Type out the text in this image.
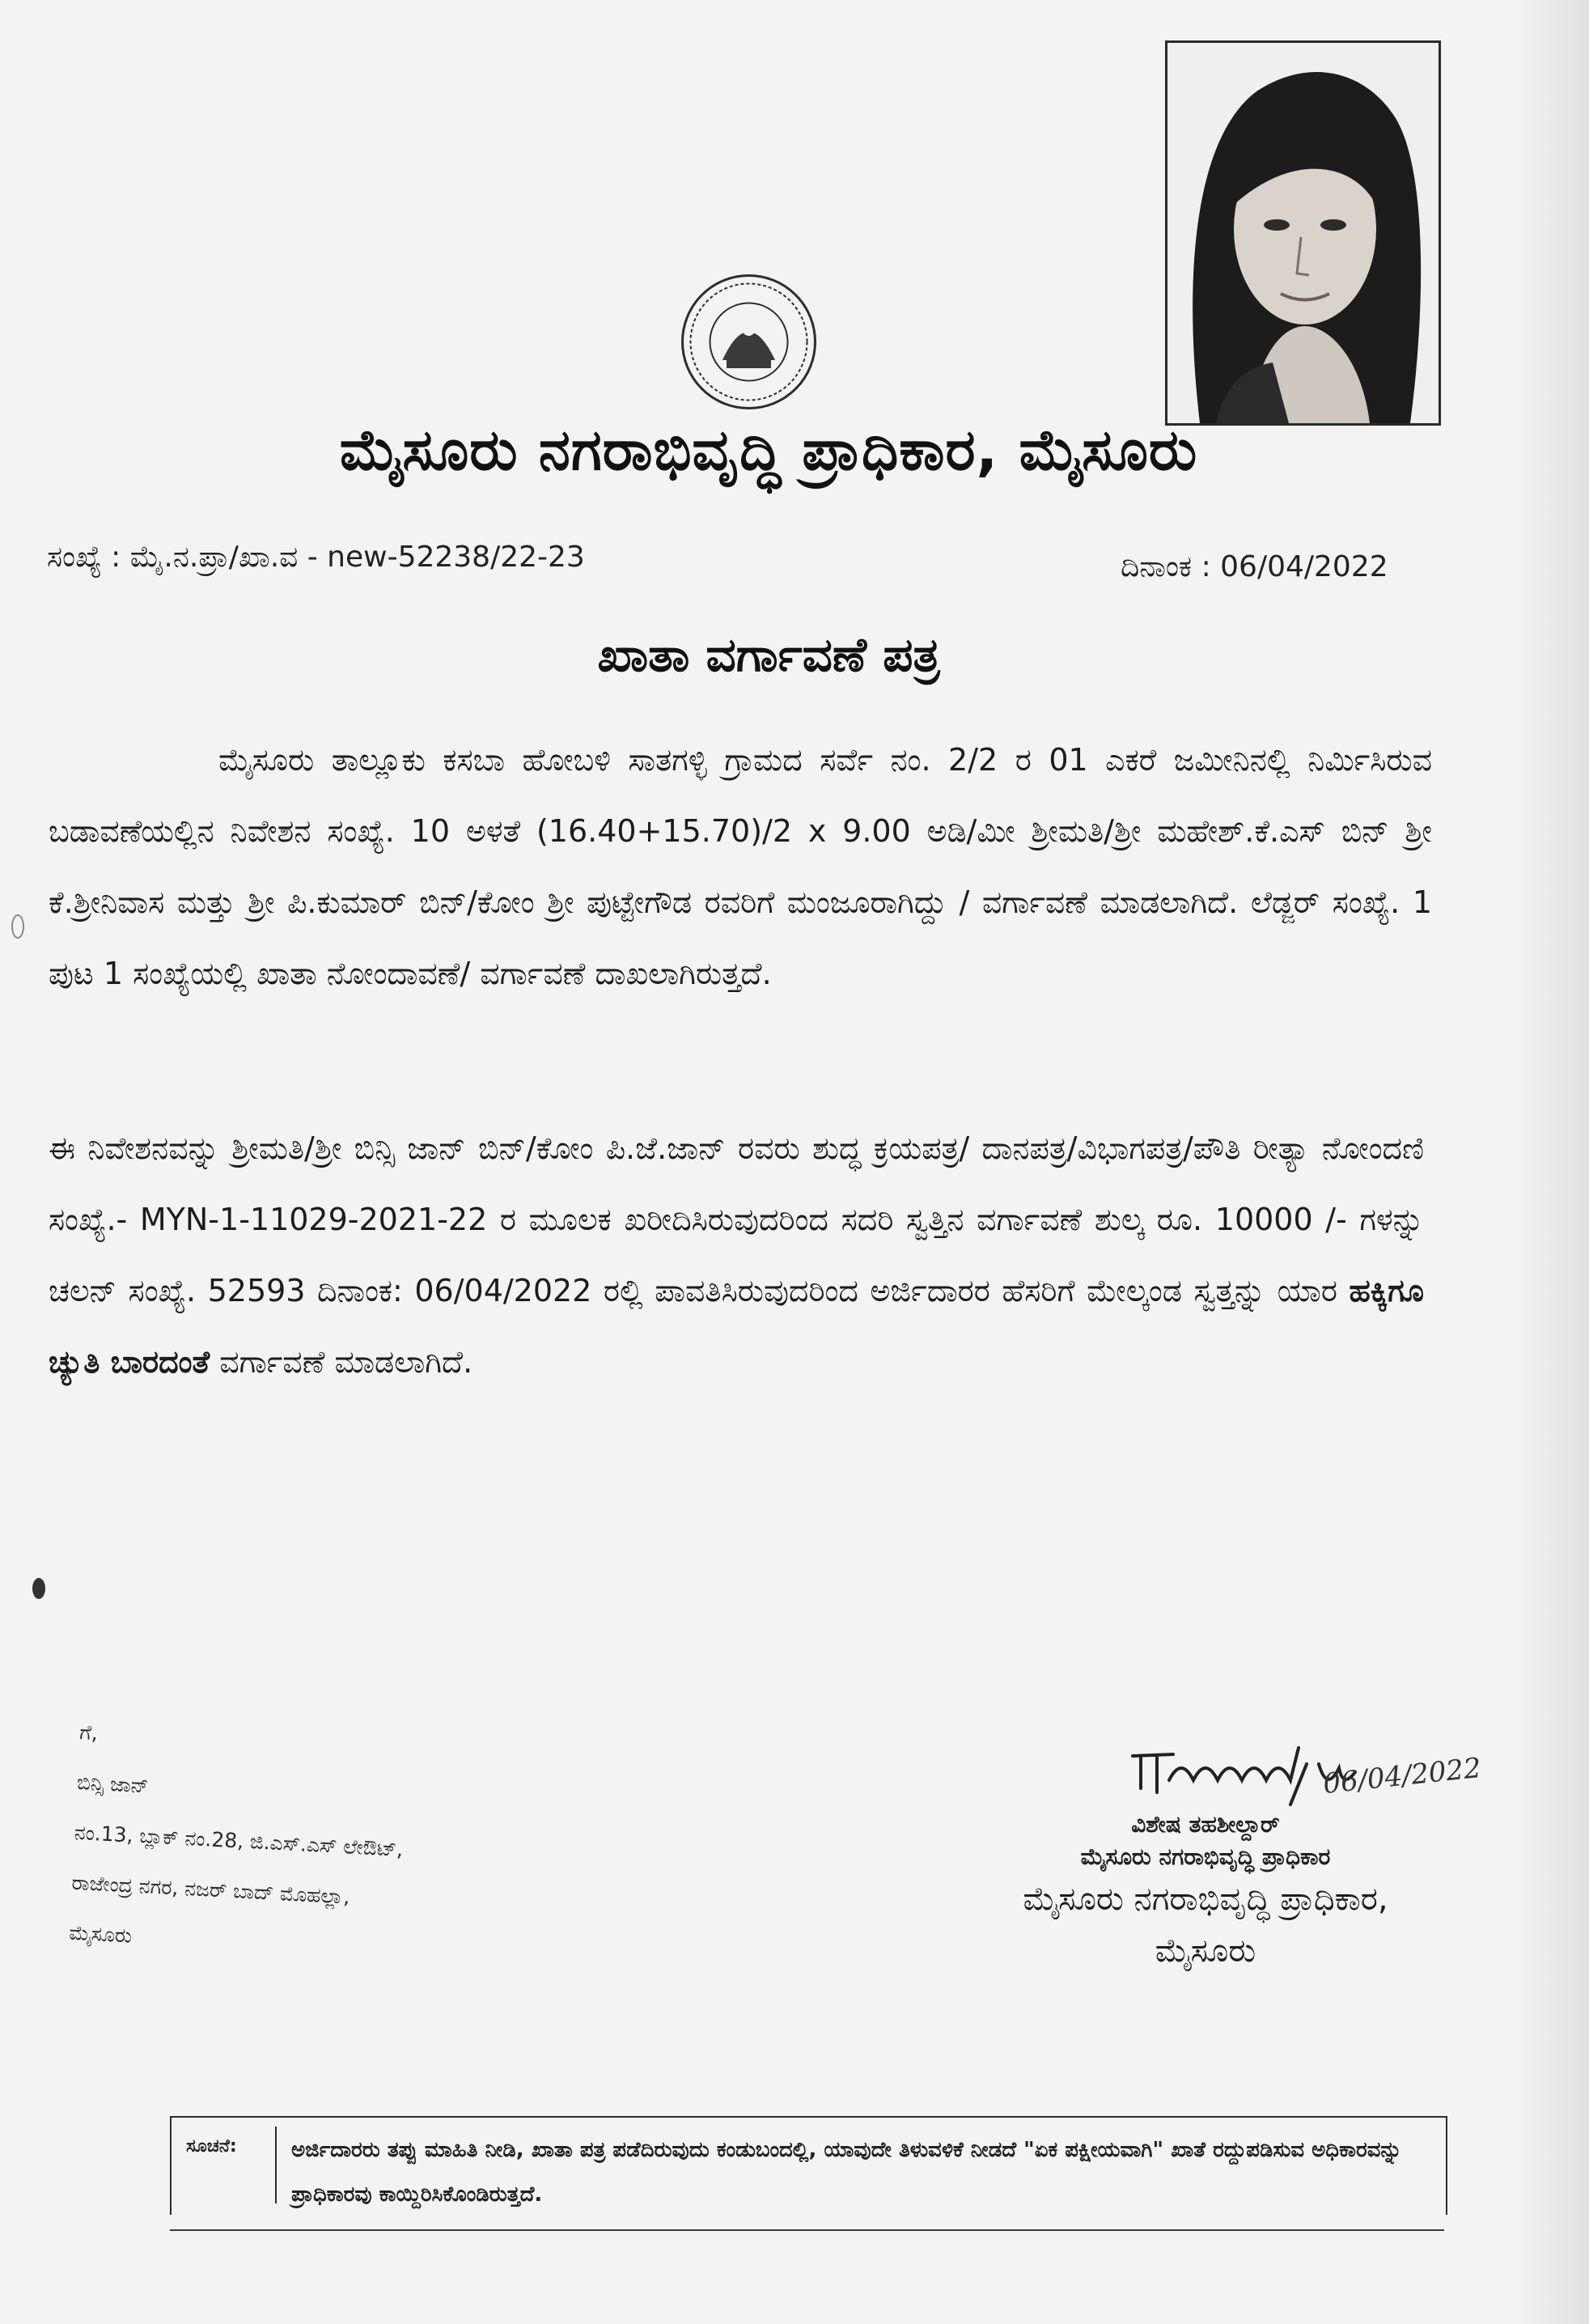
ಮೈಸೂರು ನಗರಾಭಿವೃದ್ಧಿ ಪ್ರಾಧಿಕಾರ, ಮೈಸೂರು
ಸಂಖ್ಯೆ : ಮೈ.ನ.ಪ್ರಾ/ಖಾ.ವ - new-52238/22-23	ದಿನಾಂಕ : 06/04/2022
ಖಾತಾ ವರ್ಗಾವಣೆ ಪತ್ರ
ಮೈಸೂರು ತಾಲ್ಲೂಕು ಕಸಬಾ ಹೋಬಳಿ ಸಾತಗಳ್ಳಿ ಗ್ರಾಮದ ಸರ್ವೆ ನಂ. 2/2 ರ 01 ಎಕರೆ ಜಮೀನಿನಲ್ಲಿ ನಿರ್ಮಿಸಿರುವ ಬಡಾವಣೆಯಲ್ಲಿನ ನಿವೇಶನ ಸಂಖ್ಯೆ. 10 ಅಳತೆ (16.40+15.70)/2 x 9.00 ಅಡಿ/ಮೀ ಶ್ರೀಮತಿ/ಶ್ರೀ ಮಹೇಶ್.ಕೆ.ಎಸ್ ಬಿನ್ ಶ್ರೀ ಕೆ.ಶ್ರೀನಿವಾಸ ಮತ್ತು ಶ್ರೀ ಪಿ.ಕುಮಾರ್ ಬಿನ್/ಕೋಂ ಶ್ರೀ ಪುಟ್ಟೇಗೌಡ ರವರಿಗೆ ಮಂಜೂರಾಗಿದ್ದು / ವರ್ಗಾವಣೆ ಮಾಡಲಾಗಿದೆ. ಲೆಡ್ಜರ್ ಸಂಖ್ಯೆ. 1 ಪುಟ 1 ಸಂಖ್ಯೆಯಲ್ಲಿ ಖಾತಾ ನೋಂದಾವಣೆ/ ವರ್ಗಾವಣೆ ದಾಖಲಾಗಿರುತ್ತದೆ.
ಈ ನಿವೇಶನವನ್ನು ಶ್ರೀಮತಿ/ಶ್ರೀ ಬಿನ್ಸಿ ಜಾನ್ ಬಿನ್/ಕೋಂ ಪಿ.ಜೆ.ಜಾನ್ ರವರು ಶುದ್ಧ ಕ್ರಯಪತ್ರ/ ದಾನಪತ್ರ/ವಿಭಾಗಪತ್ರ/ಪೌತಿ ರೀತ್ಯಾ ನೋಂದಣಿ ಸಂಖ್ಯೆ.- MYN-1-11029-2021-22 ರ ಮೂಲಕ ಖರೀದಿಸಿರುವುದರಿಂದ ಸದರಿ ಸ್ವತ್ತಿನ ವರ್ಗಾವಣೆ ಶುಲ್ಕ ರೂ. 10000 /- ಗಳನ್ನು ಚಲನ್ ಸಂಖ್ಯೆ. 52593 ದಿನಾಂಕ: 06/04/2022 ರಲ್ಲಿ ಪಾವತಿಸಿರುವುದರಿಂದ ಅರ್ಜಿದಾರರ ಹೆಸರಿಗೆ ಮೇಲ್ಕಂಡ ಸ್ವತ್ತನ್ನು ಯಾರ ಹಕ್ಕಿಗೂ ಚ್ಯುತಿ ಬಾರದಂತೆ ವರ್ಗಾವಣೆ ಮಾಡಲಾಗಿದೆ.
ಗೆ,
ಬಿನ್ಸಿ ಜಾನ್
ನಂ.13, ಬ್ಲಾಕ್ ನಂ.28, ಜಿ.ಎಸ್.ಎಸ್ ಲೇಔಟ್,
ರಾಜೇಂದ್ರ ನಗರ, ನಜರ್ ಬಾದ್ ಮೊಹಲ್ಲಾ,
ಮೈಸೂರು
06/04/2022
ವಿಶೇಷ ತಹಶೀಲ್ದಾರ್
ಮೈಸೂರು ನಗರಾಭಿವೃದ್ಧಿ ಪ್ರಾಧಿಕಾರ
ಮೈಸೂರು ನಗರಾಭಿವೃದ್ಧಿ ಪ್ರಾಧಿಕಾರ,
ಮೈಸೂರು
ಸೂಚನೆ:	ಅರ್ಜಿದಾರರು ತಪ್ಪು ಮಾಹಿತಿ ನೀಡಿ, ಖಾತಾ ಪತ್ರ ಪಡೆದಿರುವುದು ಕಂಡುಬಂದಲ್ಲಿ, ಯಾವುದೇ ತಿಳುವಳಿಕೆ ನೀಡದೆ "ಏಕ ಪಕ್ಷೀಯವಾಗಿ" ಖಾತೆ ರದ್ದುಪಡಿಸುವ ಅಧಿಕಾರವನ್ನು ಪ್ರಾಧಿಕಾರವು ಕಾಯ್ದಿರಿಸಿಕೊಂಡಿರುತ್ತದೆ.
